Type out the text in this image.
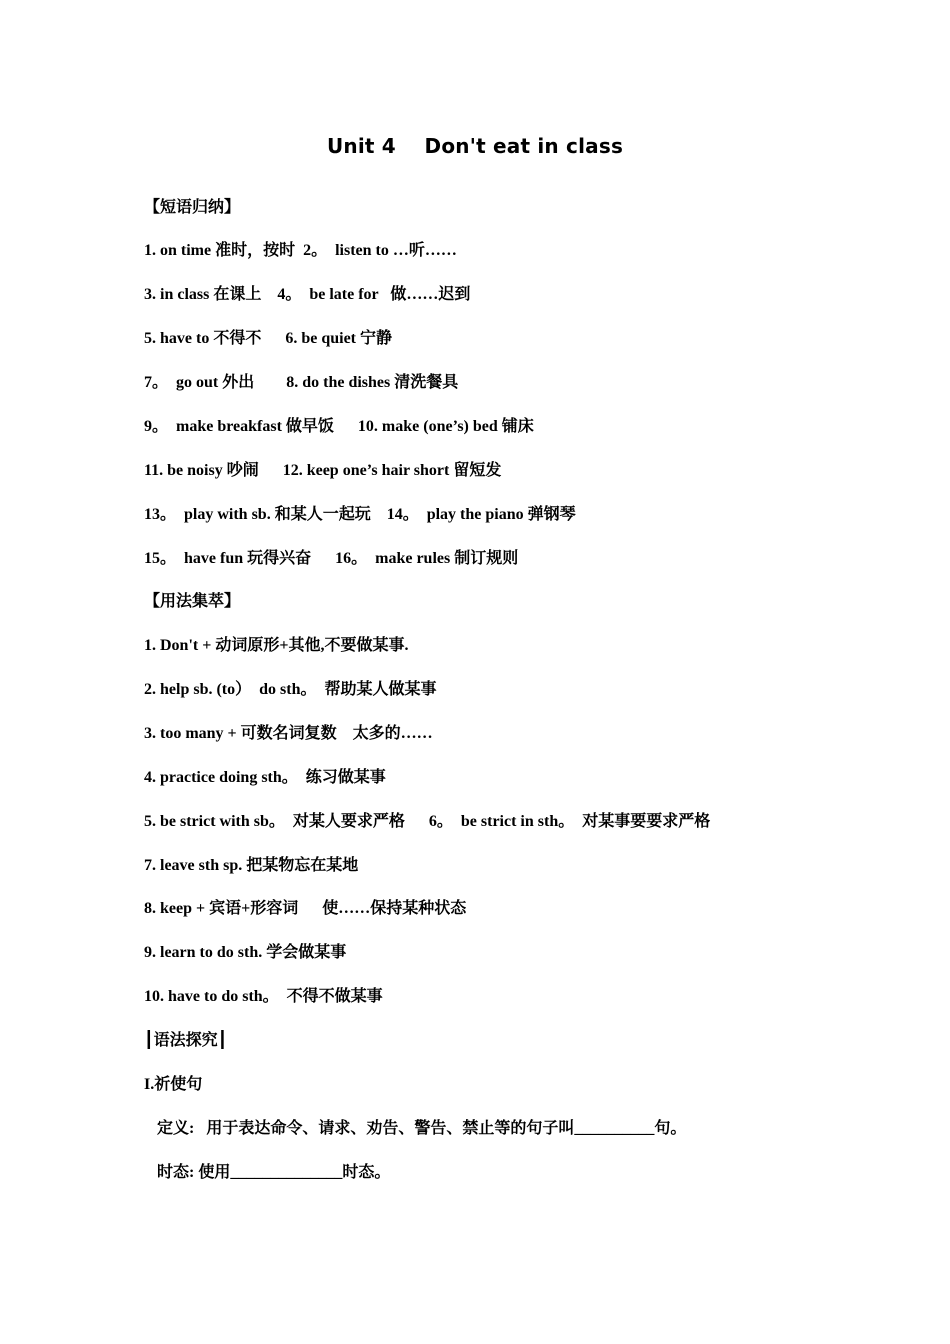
Unit 4    Don't eat in class
【短语归纳】
1. on time 准时，按时  2。  listen to …听……
3. in class 在课上    4。  be late for   做……迟到
5. have to 不得不      6. be quiet 宁静
7。  go out 外出        8. do the dishes 清洗餐具
9。  make breakfast 做早饭      10. make (one’s) bed 铺床
11. be noisy 吵闹      12. keep one’s hair short 留短发
13。  play with sb. 和某人一起玩    14。  play the piano 弹钢琴
15。  have fun 玩得兴奋      16。  make rules 制订规则
【用法集萃】
1. Don't + 动词原形+其他,不要做某事.
2. help sb. (to）  do sth。  帮助某人做某事
3. too many + 可数名词复数    太多的……
4. practice doing sth。  练习做某事
5. be strict with sb。  对某人要求严格      6。  be strict in sth。  对某事要要求严格
7. leave sth sp. 把某物忘在某地
8. keep + 宾语+形容词      使……保持某种状态
9. learn to do sth. 学会做某事
10. have to do sth。  不得不做某事
┃语法探究┃
I.祈使句
定义:   用于表达命令、请求、劝告、警告、禁止等的句子叫__________句。
时态: 使用______________时态。
